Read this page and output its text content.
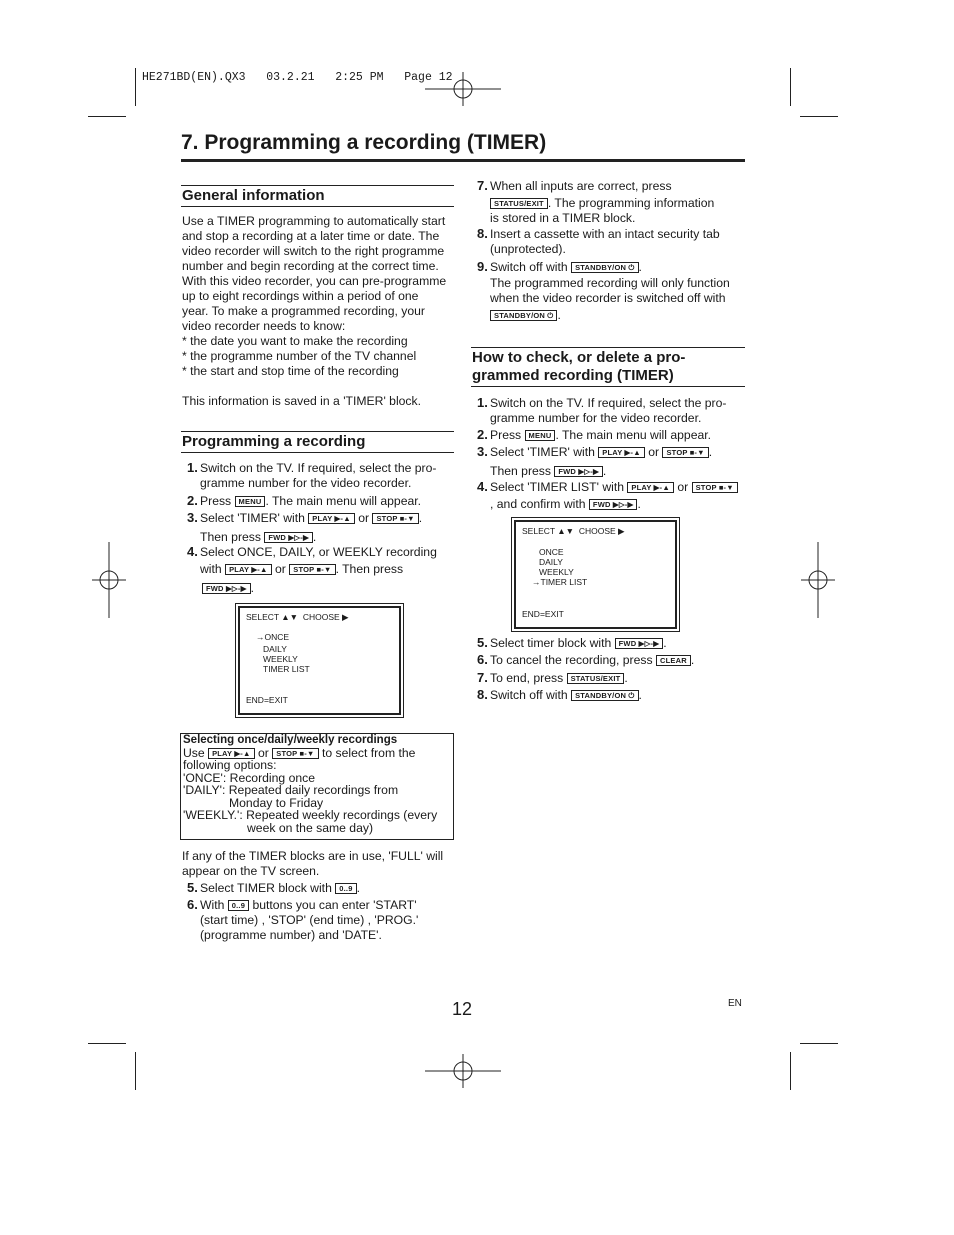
HE271BD(EN).QX3   03.2.21   2:25 PM   Page 12
7. Programming a recording (TIMER)
General information
Use a TIMER programming to automatically start
and stop a recording at a later time or date. The
video recorder will switch to the right programme
number and begin recording at the correct time.
With this video recorder, you can pre-programme
up to eight recordings within a period of one
year. To make a programmed recording, your
video recorder needs to know:
* the date you want to make the recording
* the programme number of the TV channel
* the start and stop time of the recording
This information is saved in a 'TIMER' block.
Programming a recording
1. Switch on the TV. If required, select the pro-
gramme number for the video recorder.
2. Press MENU . The main menu will appear.
3. Select 'TIMER' with PLAY ▶-▲ or STOP ■-▼ .
Then press FWD ▶▷-▶ .
4. Select ONCE, DAILY, or WEEKLY recording
with PLAY ▶-▲ or STOP ■-▼ . Then press
FWD ▶▷-▶ .
SELECT ▲▼  CHOOSE ▶
→ONCE
DAILY
WEEKLY
TIMER LIST
END=EXIT
Selecting once/daily/weekly recordings
Use PLAY ▶-▲ or STOP ■-▼ to select from the
following options:
'ONCE': Recording once
'DAILY': Repeated daily recordings from
Monday to Friday
'WEEKLY.': Repeated weekly recordings (every
week on the same day)
If any of the TIMER blocks are in use, 'FULL' will
appear on the TV screen.
5. Select TIMER block with 0..9 .
6. With 0..9 buttons you can enter 'START'
(start time) , 'STOP' (end time) , 'PROG.'
(programme number) and 'DATE'.
7. When all inputs are correct, press
STATUS/EXIT . The programming information
is stored in a TIMER block.
8. Insert a cassette with an intact security tab
(unprotected).
9. Switch off with STANDBY/ON ⏻ .
The programmed recording will only function
when the video recorder is switched off with
STANDBY/ON ⏻ .
How to check, or delete a pro-
grammed recording (TIMER)
1. Switch on the TV. If required, select the pro-
gramme number for the video recorder.
2. Press MENU . The main menu will appear.
3. Select 'TIMER' with PLAY ▶-▲ or STOP ■-▼ .
Then press FWD ▶▷-▶ .
4. Select 'TIMER LIST' with PLAY ▶-▲ or STOP ■-▼
, and confirm with FWD ▶▷-▶ .
SELECT ▲▼  CHOOSE ▶
ONCE
DAILY
WEEKLY
→TIMER LIST
END=EXIT
5. Select timer block with FWD ▶▷-▶ .
6. To cancel the recording, press CLEAR .
7. To end, press STATUS/EXIT .
8. Switch off with STANDBY/ON ⏻ .
12	EN
